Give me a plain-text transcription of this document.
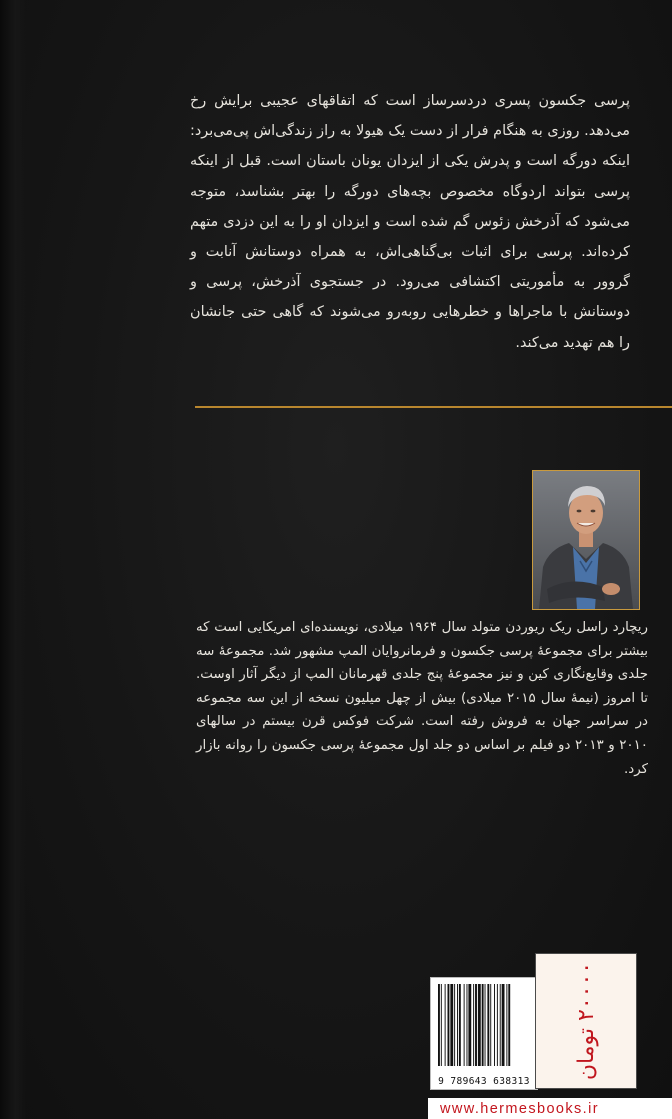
پرسی جکسون پسری دردسرساز است که اتفاقهای عجیبی برایش رخ می‌دهد. روزی به هنگام فرار از دست یک هیولا به راز زندگی‌اش پی‌می‌برد: اینکه دورگه است و پدرش یکی از ایزدان یونان باستان است. قبل از اینکه پرسی بتواند اردوگاه مخصوص بچه‌های دورگه را بهتر بشناسد، متوجه می‌شود که آذرخش زئوس گم شده است و ایزدان او را به این دزدی متهم کرده‌اند. پرسی برای اثبات بی‌گناهی‌اش، به همراه دوستانش آنابت و گروور به مأموریتی اکتشافی می‌رود. در جستجوی آذرخش، پرسی و دوستانش با ماجراها و خطرهایی روبه‌رو می‌شوند که گاهی حتی جانشان را هم تهدید می‌کند.

ریچارد راسل ریک ریوردن متولد سال ۱۹۶۴ میلادی، نویسنده‌ای امریکایی است که بیشتر برای مجموعهٔ پرسی جکسون و فرمانروایان المپ مشهور شد. مجموعهٔ سه جلدی وقایع‌نگاری کین و نیز مجموعهٔ پنج جلدی قهرمانان المپ از دیگر آثار اوست. تا امروز (نیمهٔ سال ۲۰۱۵ میلادی) بیش از چهل میلیون نسخه از این سه مجموعه در سراسر جهان به فروش رفته است. شرکت فوکس قرن بیستم در سالهای ۲۰۱۰ و ۲۰۱۳ دو فیلم بر اساس دو جلد اول مجموعهٔ پرسی جکسون را روانه بازار کرد.

9 789643 638313
۲۰۰۰۰ تومان
www.hermesbooks.ir
